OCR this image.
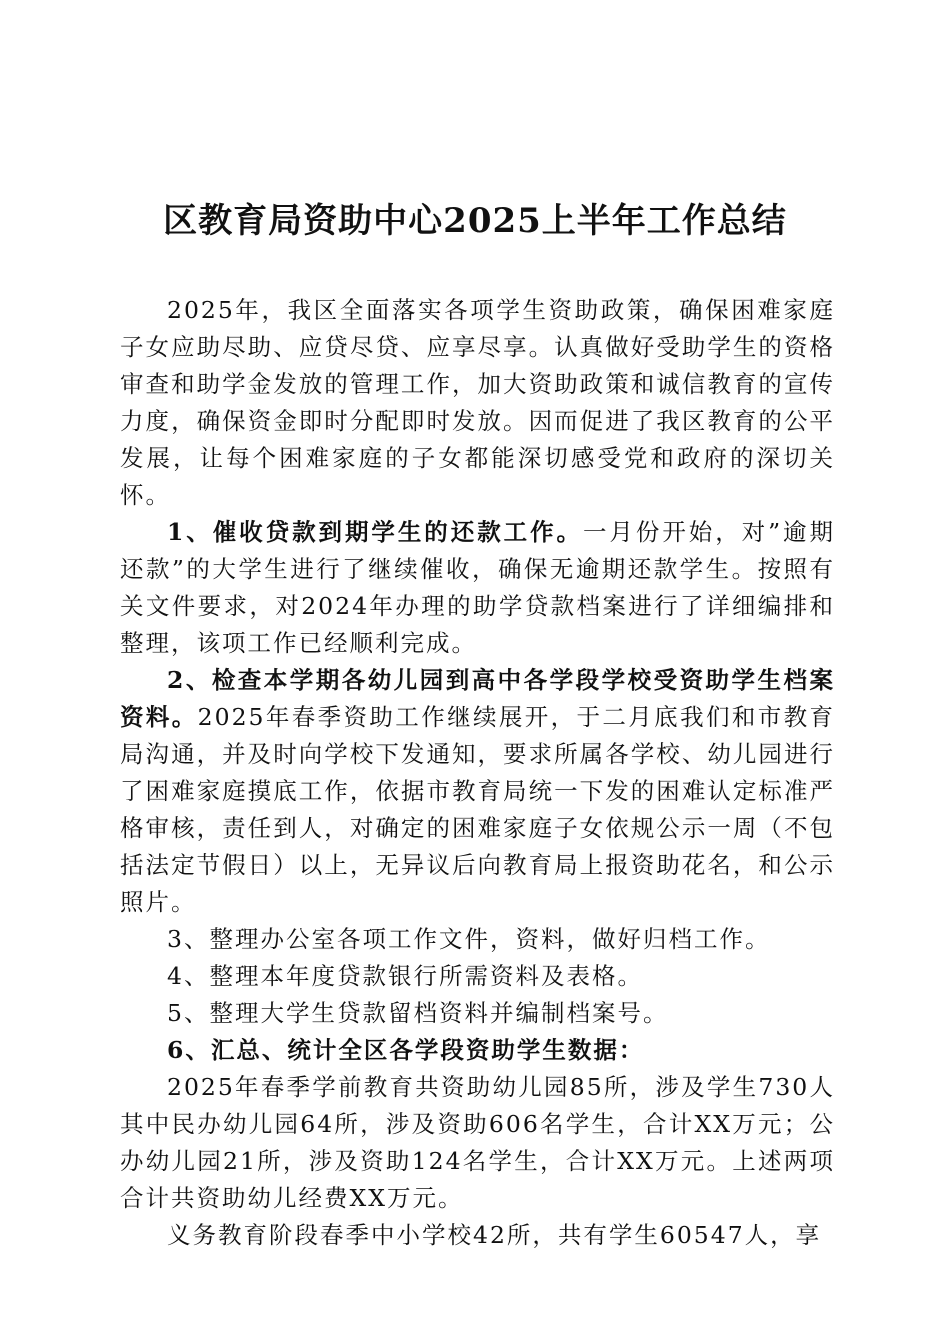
区教育局资助中心2025上半年工作总结

2025年，我区全面落实各项学生资助政策，确保困难家庭子女应助尽助、应贷尽贷、应享尽享。认真做好受助学生的资格审查和助学金发放的管理工作，加大资助政策和诚信教育的宣传力度，确保资金即时分配即时发放。因而促进了我区教育的公平发展，让每个困难家庭的子女都能深切感受党和政府的深切关怀。

1、催收贷款到期学生的还款工作。一月份开始，对”逾期还款”的大学生进行了继续催收，确保无逾期还款学生。按照有关文件要求，对2024年办理的助学贷款档案进行了详细编排和整理，该项工作已经顺利完成。

2、检查本学期各幼儿园到高中各学段学校受资助学生档案资料。2025年春季资助工作继续展开，于二月底我们和市教育局沟通，并及时向学校下发通知，要求所属各学校、幼儿园进行了困难家庭摸底工作，依据市教育局统一下发的困难认定标准严格审核，责任到人，对确定的困难家庭子女依规公示一周（不包括法定节假日）以上，无异议后向教育局上报资助花名，和公示照片。

3、整理办公室各项工作文件，资料，做好归档工作。

4、整理本年度贷款银行所需资料及表格。

5、整理大学生贷款留档资料并编制档案号。

6、汇总、统计全区各学段资助学生数据：

2025年春季学前教育共资助幼儿园85所，涉及学生730人其中民办幼儿园64所，涉及资助606名学生，合计XX万元；公办幼儿园21所，涉及资助124名学生，合计XX万元。上述两项合计共资助幼儿经费XX万元。

义务教育阶段春季中小学校42所，共有学生60547人，享
